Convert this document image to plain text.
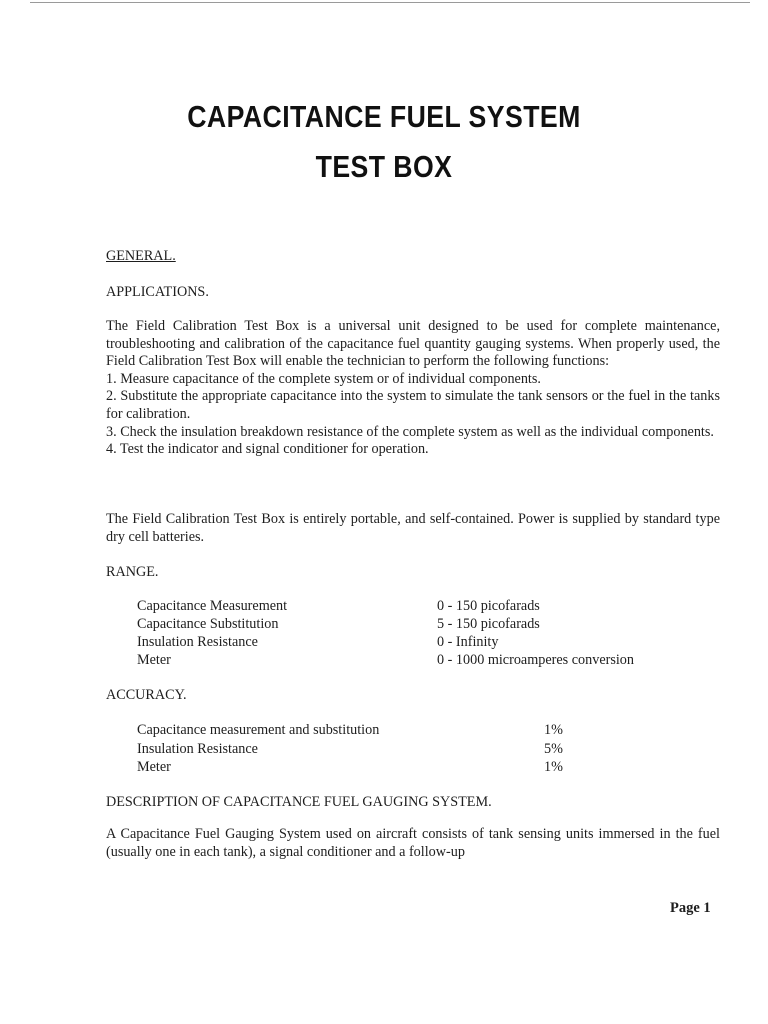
CAPACITANCE FUEL SYSTEM
TEST BOX
GENERAL.
APPLICATIONS.

The Field Calibration Test Box is a universal unit designed to be used for complete maintenance, troubleshooting and calibration of the capacitance fuel quantity gauging systems. When properly used, the Field Calibration Test Box will enable the technician to perform the following functions:

1. Measure capacitance of the complete system or of individual components.

2. Substitute the appropriate capacitance into the system to simulate the tank sensors or the fuel in the tanks for calibration.

3. Check the insulation breakdown resistance of the complete system as well as the individual components.

4. Test the indicator and signal conditioner for operation.

The Field Calibration Test Box is entirely portable, and self-contained. Power is supplied by standard type dry cell batteries.
RANGE.
Capacitance Measurement	0 - 150 picofarads
Capacitance Substitution	5 - 150 picofarads
Insulation Resistance	0 - Infinity
Meter	0 - 1000 microamperes conversion
ACCURACY.
Capacitance measurement and substitution	1%
Insulation Resistance	5%
Meter	1%
DESCRIPTION OF CAPACITANCE FUEL GAUGING SYSTEM.
A Capacitance Fuel Gauging System used on aircraft consists of tank sensing units immersed in the fuel (usually one in each tank), a signal conditioner and a follow-up
Page 1
